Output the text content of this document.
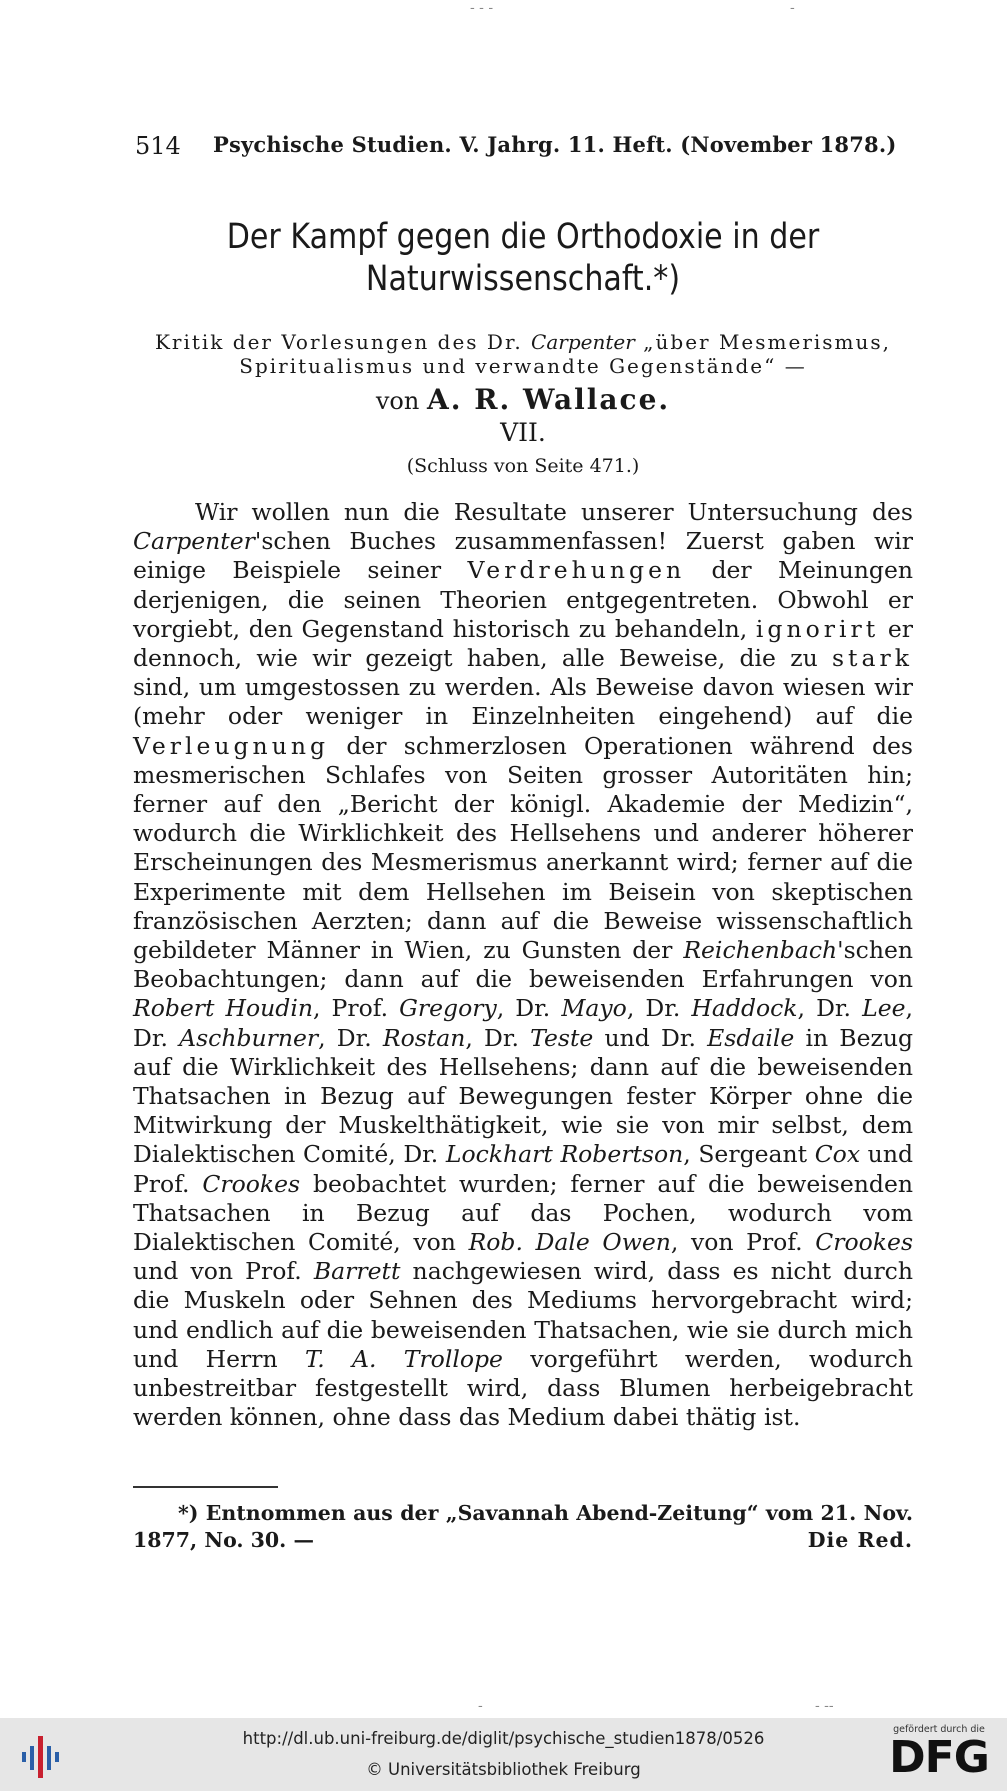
‐ ‐ ‐	‐
514 Psychische Studien. V. Jahrg. 11. Heft. (November 1878.)
Der Kampf gegen die Orthodoxie in der
Naturwissenschaft.*)
Kritik der Vorlesungen des Dr. Carpenter „über Mesmerismus, Spiritualismus und verwandte Gegenstände“ —
von A. R. Wallace.
VII.
(Schluss von Seite 471.)

Wir wollen nun die Resultate unserer Untersuchung des Carpenter'schen Buches zusammenfassen! Zuerst gaben wir einige Beispiele seiner Verdrehungen der Meinungen derjenigen, die seinen Theorien entgegentreten. Obwohl er vorgiebt, den Gegenstand historisch zu behandeln, ignorirt er dennoch, wie wir gezeigt haben, alle Beweise, die zu stark sind, um umgestossen zu werden. Als Beweise davon wiesen wir (mehr oder weniger in Einzelnheiten eingehend) auf die Verleugnung der schmerzlosen Operationen während des mesmerischen Schlafes von Seiten grosser Autoritäten hin; ferner auf den „Bericht der königl. Akademie der Medizin“, wodurch die Wirklichkeit des Hellsehens und anderer höherer Erscheinungen des Mesmerismus anerkannt wird; ferner auf die Experimente mit dem Hellsehen im Beisein von skeptischen französischen Aerzten; dann auf die Beweise wissenschaftlich gebildeter Männer in Wien, zu Gunsten der Reichenbach'schen Beobachtungen; dann auf die beweisenden Erfahrungen von Robert Houdin, Prof. Gregory, Dr. Mayo, Dr. Haddock, Dr. Lee, Dr. Aschburner, Dr. Rostan, Dr. Teste und Dr. Esdaile in Bezug auf die Wirklichkeit des Hellsehens; dann auf die beweisenden Thatsachen in Bezug auf Bewegungen fester Körper ohne die Mitwirkung der Muskelthätigkeit, wie sie von mir selbst, dem Dialektischen Comité, Dr. Lockhart Robertson, Sergeant Cox und Prof. Crookes beobachtet wurden; ferner auf die beweisenden Thatsachen in Bezug auf das Pochen, wodurch vom Dialektischen Comité, von Rob. Dale Owen, von Prof. Crookes und von Prof. Barrett nachgewiesen wird, dass es nicht durch die Muskeln oder Sehnen des Mediums hervorgebracht wird; und endlich auf die beweisenden Thatsachen, wie sie durch mich und Herrn T. A. Trollope vorgeführt werden, wodurch unbestreitbar festgestellt wird, dass Blumen herbeigebracht werden können, ohne dass das Medium dabei thätig ist.

*) Entnommen aus der „Savannah Abend-Zeitung“ vom 21. Nov. 1877, No. 30. —	Die Red.
‐	‐ ‐‐
http://dl.ub.uni-freiburg.de/diglit/psychische_studien1878/0526
© Universitätsbibliothek Freiburg
gefördert durch die
DFG
